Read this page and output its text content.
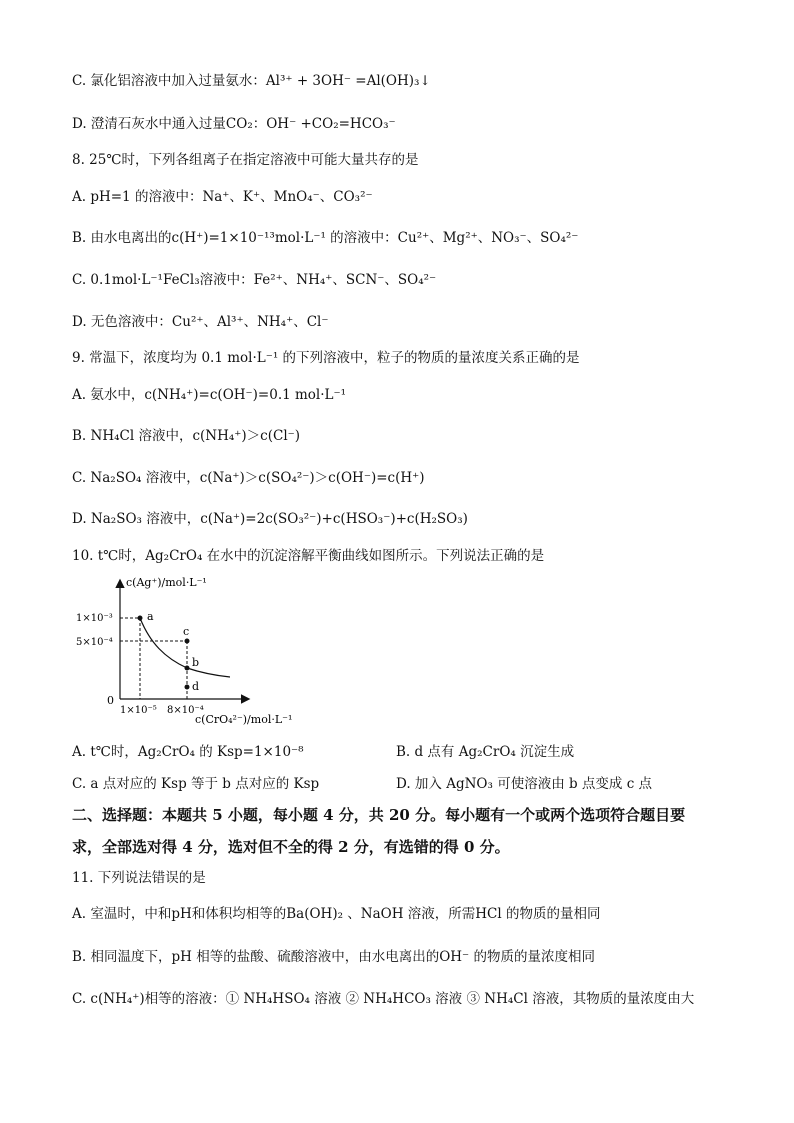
C. 氯化铝溶液中加入过量氨水：Al³⁺ + 3OH⁻ =Al(OH)₃↓
D. 澄清石灰水中通入过量CO₂：OH⁻ +CO₂=HCO₃⁻
8. 25℃时，下列各组离子在指定溶液中可能大量共存的是
A. pH=1 的溶液中：Na⁺、K⁺、MnO₄⁻、CO₃²⁻
B. 由水电离出的c(H⁺)=1×10⁻¹³mol·L⁻¹ 的溶液中：Cu²⁺、Mg²⁺、NO₃⁻、SO₄²⁻
C. 0.1mol·L⁻¹FeCl₃溶液中：Fe²⁺、NH₄⁺、SCN⁻、SO₄²⁻
D. 无色溶液中：Cu²⁺、Al³⁺、NH₄⁺、Cl⁻
9. 常温下，浓度均为 0.1 mol·L⁻¹ 的下列溶液中，粒子的物质的量浓度关系正确的是
A. 氨水中，c(NH₄⁺)=c(OH⁻)=0.1 mol·L⁻¹
B. NH₄Cl 溶液中，c(NH₄⁺)＞c(Cl⁻)
C. Na₂SO₄ 溶液中，c(Na⁺)＞c(SO₄²⁻)＞c(OH⁻)=c(H⁺)
D. Na₂SO₃ 溶液中，c(Na⁺)=2c(SO₃²⁻)+c(HSO₃⁻)+c(H₂SO₃)
10. t℃时，Ag₂CrO₄ 在水中的沉淀溶解平衡曲线如图所示。下列说法正确的是
c(Ag⁺)/mol·L⁻¹
c(CrO₄²⁻)/mol·L⁻¹
0
1×10⁻³
5×10⁻⁴
1×10⁻⁵ 8×10⁻⁴
a
b
c
d
A. t℃时，Ag₂CrO₄ 的 Ksp=1×10⁻⁸	B. d 点有 Ag₂CrO₄ 沉淀生成
C. a 点对应的 Ksp 等于 b 点对应的 Ksp	D. 加入 AgNO₃ 可使溶液由 b 点变成 c 点
二、选择题：本题共 5 小题，每小题 4 分，共 20 分。每小题有一个或两个选项符合题目要
求，全部选对得 4 分，选对但不全的得 2 分，有选错的得 0 分。
11. 下列说法错误的是
A. 室温时，中和pH和体积均相等的Ba(OH)₂ 、NaOH 溶液，所需HCl 的物质的量相同
B. 相同温度下，pH 相等的盐酸、硫酸溶液中，由水电离出的OH⁻ 的物质的量浓度相同
C. c(NH₄⁺)相等的溶液：① NH₄HSO₄ 溶液 ② NH₄HCO₃ 溶液 ③ NH₄Cl 溶液，其物质的量浓度由大
